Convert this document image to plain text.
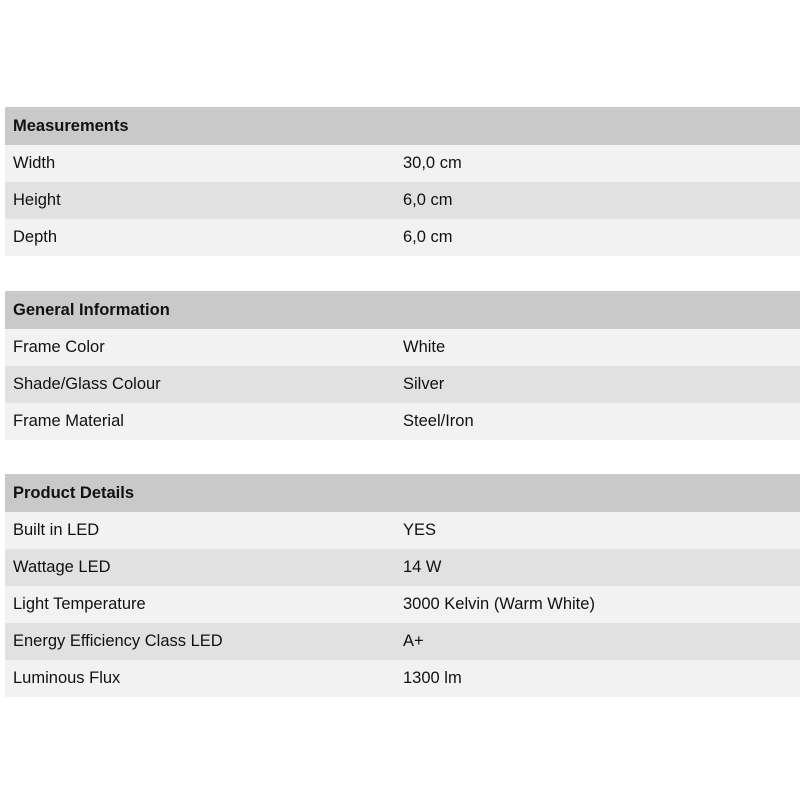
Measurements
Width	30,0 cm
Height	6,0 cm
Depth	6,0 cm
General Information
Frame Color	White
Shade/Glass Colour	Silver
Frame Material	Steel/Iron
Product Details
Built in LED	YES
Wattage LED	14 W
Light Temperature	3000 Kelvin (Warm White)
Energy Efficiency Class LED	A+
Luminous Flux	1300 lm
